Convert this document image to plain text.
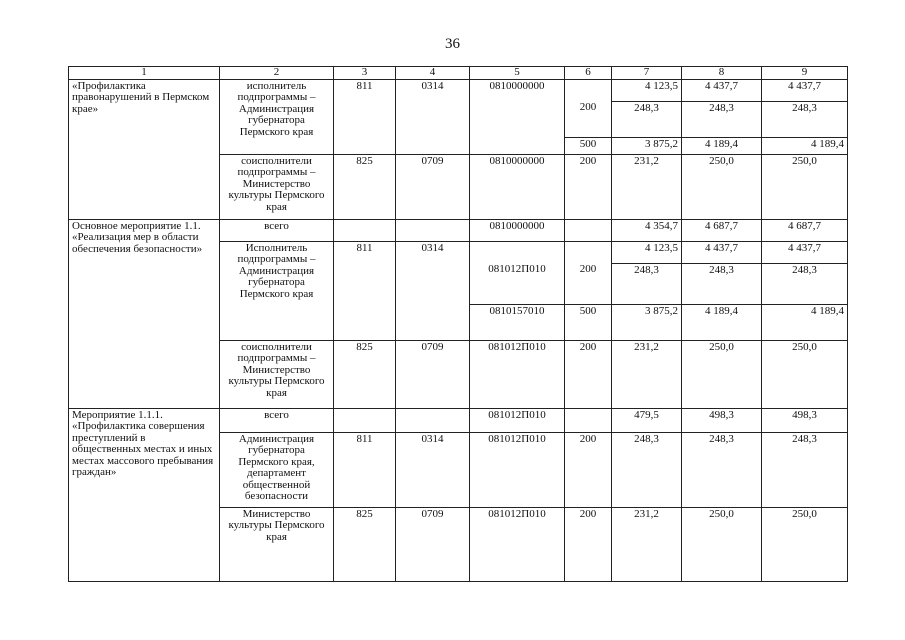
36
1	2	3	4	5	6	7	8	9
«Профилактика правонарушений в Пермском крае»	исполнитель подпрограммы – Администрация губернатора Пермского края	811	0314	0810000000		4 123,5	4 437,7	4 437,7
					200	248,3	248,3	248,3
					500	3 875,2	4 189,4	4 189,4
	соисполнители подпрограммы – Министерство культуры Пермского края	825	0709	0810000000	200	231,2	250,0	250,0
Основное мероприятие 1.1. «Реализация мер в области обеспечения безопасности»	всего			0810000000		4 354,7	4 687,7	4 687,7
	Исполнитель подпрограммы – Администрация губернатора Пермского края	811	0314			4 123,5	4 437,7	4 437,7
				081012П010	200	248,3	248,3	248,3
				0810157010	500	3 875,2	4 189,4	4 189,4
	соисполнители подпрограммы – Министерство культуры Пермского края	825	0709	081012П010	200	231,2	250,0	250,0
Мероприятие 1.1.1. «Профилактика совершения преступлений в общественных местах и иных местах массового пребывания граждан»	всего			081012П010		479,5	498,3	498,3
	Администрация губернатора Пермского края, департамент общественной безопасности	811	0314	081012П010	200	248,3	248,3	248,3
	Министерство культуры Пермского края	825	0709	081012П010	200	231,2	250,0	250,0
